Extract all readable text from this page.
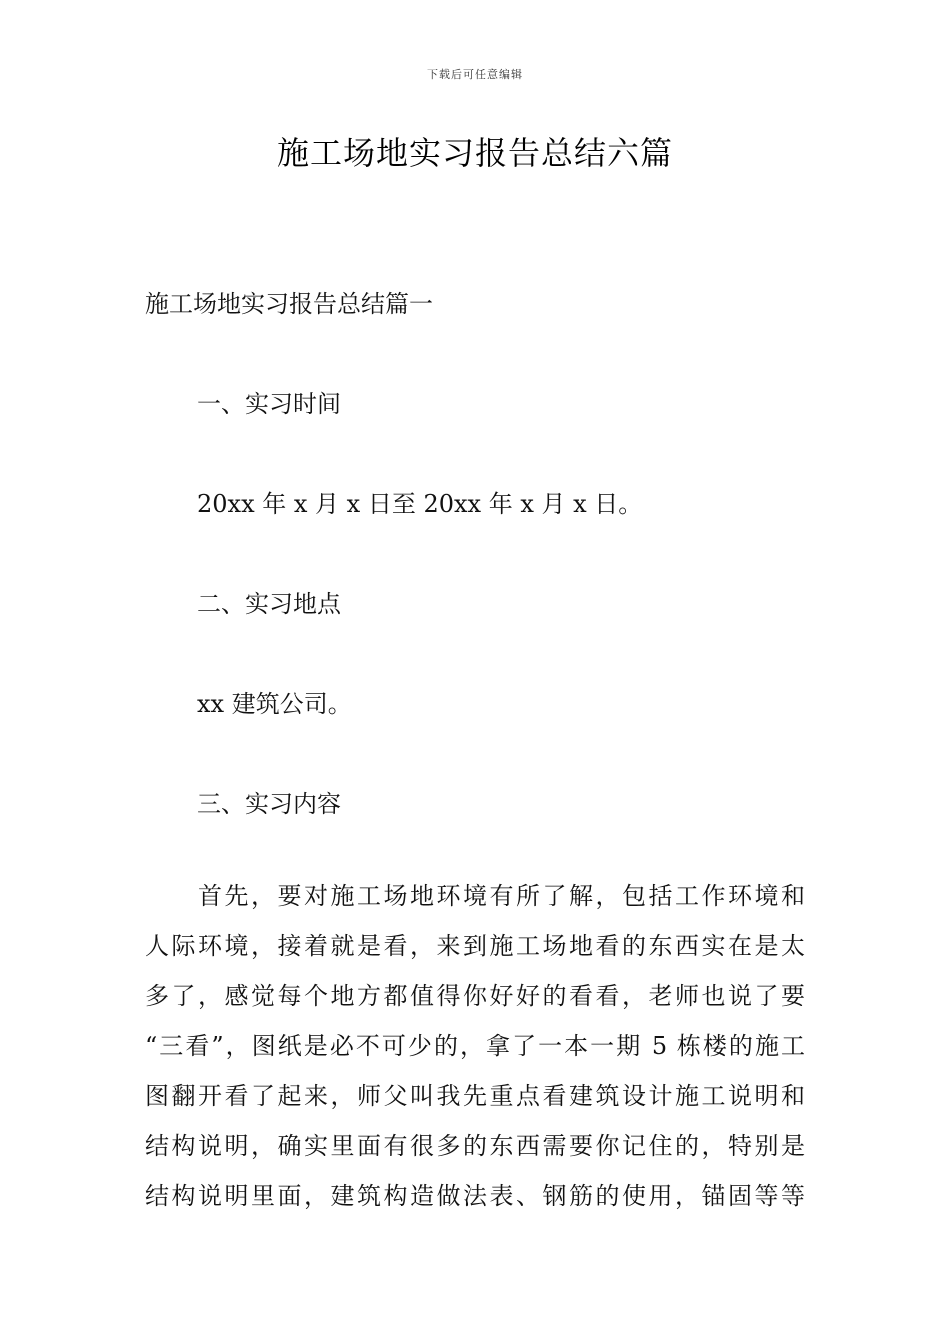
下载后可任意编辑
施工场地实习报告总结六篇
施工场地实习报告总结篇一
一、实习时间
20xx 年 x 月 x 日至 20xx 年 x 月 x 日。
二、实习地点
xx 建筑公司。
三、实习内容
首先，要对施工场地环境有所了解，包括工作环境和
人际环境，接着就是看，来到施工场地看的东西实在是太
多了，感觉每个地方都值得你好好的看看，老师也说了要
“三看”，图纸是必不可少的，拿了一本一期 5 栋楼的施工
图翻开看了起来，师父叫我先重点看建筑设计施工说明和
结构说明，确实里面有很多的东西需要你记住的，特别是
结构说明里面，建筑构造做法表、钢筋的使用，锚固等等
